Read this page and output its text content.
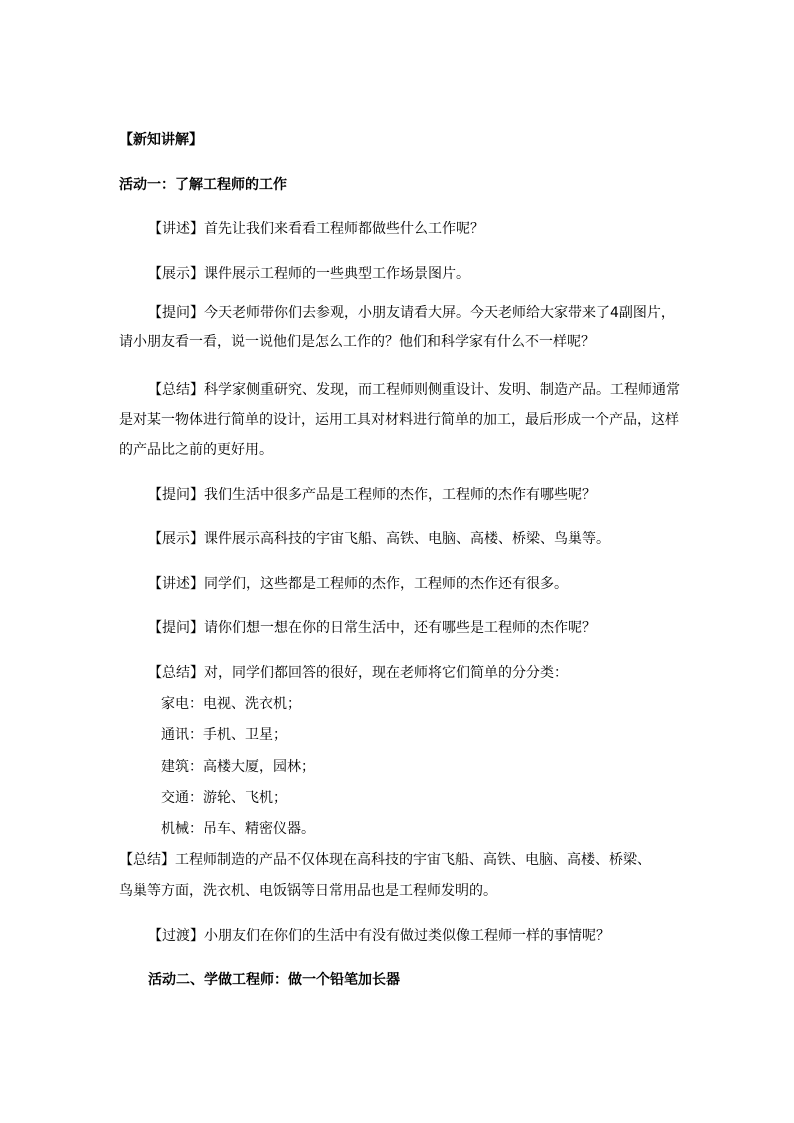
【新知讲解】
活动一：了解工程师的工作
【讲述】首先让我们来看看工程师都做些什么工作呢？
【展示】课件展示工程师的一些典型工作场景图片。
【提问】今天老师带你们去参观，小朋友请看大屏。今天老师给大家带来了4副图片，
请小朋友看一看，说一说他们是怎么工作的？他们和科学家有什么不一样呢？
【总结】科学家侧重研究、发现，而工程师则侧重设计、发明、制造产品。工程师通常
是对某一物体进行简单的设计，运用工具对材料进行简单的加工，最后形成一个产品，这样
的产品比之前的更好用。
【提问】我们生活中很多产品是工程师的杰作，工程师的杰作有哪些呢？
【展示】课件展示高科技的宇宙飞船、高铁、电脑、高楼、桥梁、鸟巢等。
【讲述】同学们，这些都是工程师的杰作，工程师的杰作还有很多。
【提问】请你们想一想在你的日常生活中，还有哪些是工程师的杰作呢？
【总结】对，同学们都回答的很好，现在老师将它们简单的分分类：
家电：电视、洗衣机；
通讯：手机、卫星；
建筑：高楼大厦，园林；
交通：游轮、飞机；
机械：吊车、精密仪器。
【总结】工程师制造的产品不仅体现在高科技的宇宙飞船、高铁、电脑、高楼、桥梁、
鸟巢等方面，洗衣机、电饭锅等日常用品也是工程师发明的。
【过渡】小朋友们在你们的生活中有没有做过类似像工程师一样的事情呢？
活动二、学做工程师：做一个铅笔加长器
